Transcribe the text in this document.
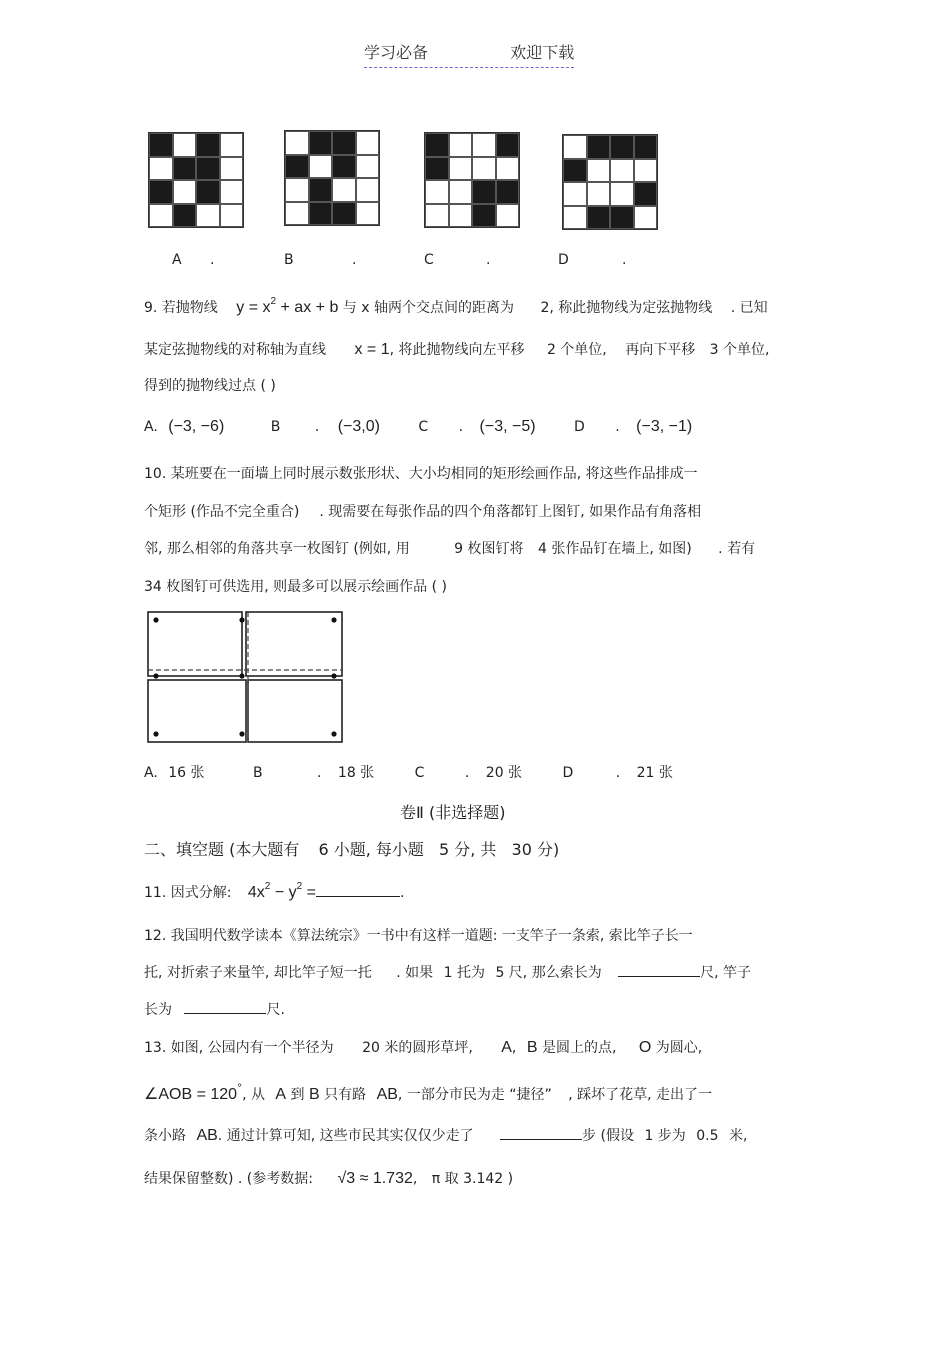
学习必备	欢迎下载
A .	B	.	C	.	D	.
9. 若抛物线 $y = x^2$ + ax + b 与 x 轴两个交点间的距离为 2, 称此抛物线为定弦抛物线 . 已知
某定弦抛物线的对称轴为直线 x = 1, 将此抛物线向左平移 2 个单位, 再向下平移 3 个单位,
得到的抛物线过点 ( )
A. (−3, −6)	B . (−3,0)	C . (−3, −5)	D . (−3, −1)
10. 某班要在一面墙上同时展示数张形状、大小均相同的矩形绘画作品, 将这些作品排成一
个矩形 (作品不完全重合) . 现需要在每张作品的四个角落都钉上图钉, 如果作品有角落相
邻, 那么相邻的角落共享一枚图钉 (例如, 用	9 枚图钉将 4 张作品钉在墙上, 如图) . 若有
34 枚图钉可供选用, 则最多可以展示绘画作品 ( )
A. 16 张	B	. 18 张	C	. 20 张	D	. 21 张
卷Ⅱ (非选择题)
二、填空题 (本大题有 6 小题, 每小题 5 分, 共 30 分)
11. 因式分解: $4x^2 - y^2$ =	.
12. 我国明代数学读本《算法统宗》一书中有这样一道题: 一支竿子一条索, 索比竿子长一
托, 对折索子来量竿, 却比竿子短一托 . 如果 1 托为 5 尺, 那么索长为	尺, 竿子
长为	尺.
13. 如图, 公园内有一个半径为 20 米的圆形草坪, A, B 是圆上的点, O 为圆心,
∠AOB = 120°, 从 A 到 B 只有路 AB, 一部分市民为走 “捷径” , 踩坏了花草, 走出了一
条小路 AB. 通过计算可知, 这些市民其实仅仅少走了	步 (假设 1 步为 0.5 米,
结果保留整数) . (参考数据: √3 ≈ 1.732, π 取 3.142 )
